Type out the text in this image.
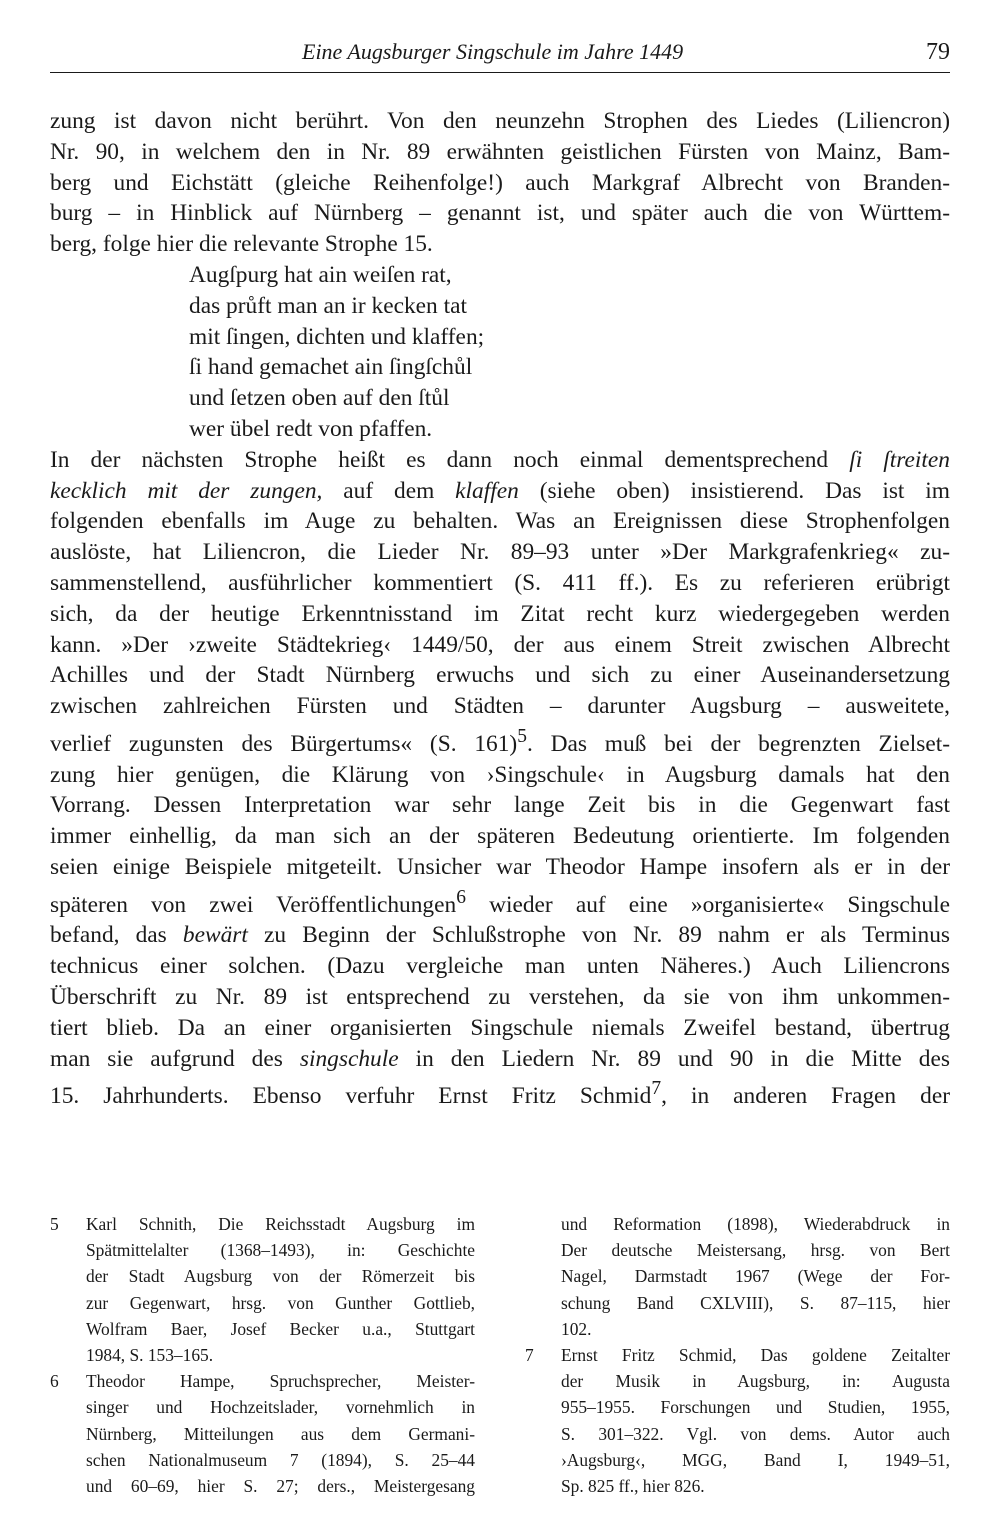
Eine Augsburger Singschule im Jahre 1449	79
zung ist davon nicht berührt. Von den neunzehn Strophen des Liedes (Liliencron)
Nr. 90, in welchem den in Nr. 89 erwähnten geistlichen Fürsten von Mainz, Bam-
berg und Eichstätt (gleiche Reihenfolge!) auch Markgraf Albrecht von Branden-
burg – in Hinblick auf Nürnberg – genannt ist, und später auch die von Württem-
berg, folge hier die relevante Strophe 15.
Augſpurg hat ain weiſen rat,
das průft man an ir kecken tat
mit ſingen, dichten und klaffen;
ſi hand gemachet ain ſingſchůl
und ſetzen oben auf den ſtůl
wer übel redt von pfaffen.
In der nächsten Strophe heißt es dann noch einmal dementsprechend ſi ſtreiten
kecklich mit der zungen, auf dem klaffen (siehe oben) insistierend. Das ist im
folgenden ebenfalls im Auge zu behalten. Was an Ereignissen diese Strophenfolgen
auslöste, hat Liliencron, die Lieder Nr. 89–93 unter »Der Markgrafenkrieg« zu-
sammenstellend, ausführlicher kommentiert (S. 411 ff.). Es zu referieren erübrigt
sich, da der heutige Erkenntnisstand im Zitat recht kurz wiedergegeben werden
kann. »Der ›zweite Städtekrieg‹ 1449/50, der aus einem Streit zwischen Albrecht
Achilles und der Stadt Nürnberg erwuchs und sich zu einer Auseinandersetzung
zwischen zahlreichen Fürsten und Städten – darunter Augsburg – ausweitete,
verlief zugunsten des Bürgertums« (S. 161)$^5$. Das muß bei der begrenzten Zielset-
zung hier genügen, die Klärung von ›Singschule‹ in Augsburg damals hat den
Vorrang. Dessen Interpretation war sehr lange Zeit bis in die Gegenwart fast
immer einhellig, da man sich an der späteren Bedeutung orientierte. Im folgenden
seien einige Beispiele mitgeteilt. Unsicher war Theodor Hampe insofern als er in der
späteren von zwei Veröffentlichungen$^6$ wieder auf eine »organisierte« Singschule
befand, das bewärt zu Beginn der Schlußstrophe von Nr. 89 nahm er als Terminus
technicus einer solchen. (Dazu vergleiche man unten Näheres.) Auch Liliencrons
Überschrift zu Nr. 89 ist entsprechend zu verstehen, da sie von ihm unkommen-
tiert blieb. Da an einer organisierten Singschule niemals Zweifel bestand, übertrug
man sie aufgrund des singschule in den Liedern Nr. 89 und 90 in die Mitte des
15. Jahrhunderts. Ebenso verfuhr Ernst Fritz Schmid$^7$, in anderen Fragen der
5 Karl Schnith, Die Reichsstadt Augsburg im
Spätmittelalter (1368–1493), in: Geschichte
der Stadt Augsburg von der Römerzeit bis
zur Gegenwart, hrsg. von Gunther Gottlieb,
Wolfram Baer, Josef Becker u.a., Stuttgart
1984, S. 153–165.
6 Theodor Hampe, Spruchsprecher, Meister-
singer und Hochzeitslader, vornehmlich in
Nürnberg, Mitteilungen aus dem Germani-
schen Nationalmuseum 7 (1894), S. 25–44
und 60–69, hier S. 27; ders., Meistergesang
und Reformation (1898), Wiederabdruck in
Der deutsche Meistersang, hrsg. von Bert
Nagel, Darmstadt 1967 (Wege der For-
schung Band CXLVIII), S. 87–115, hier
102.
7 Ernst Fritz Schmid, Das goldene Zeitalter
der Musik in Augsburg, in: Augusta
955–1955. Forschungen und Studien, 1955,
S. 301–322. Vgl. von dems. Autor auch
›Augsburg‹, MGG, Band I, 1949–51,
Sp. 825 ff., hier 826.
